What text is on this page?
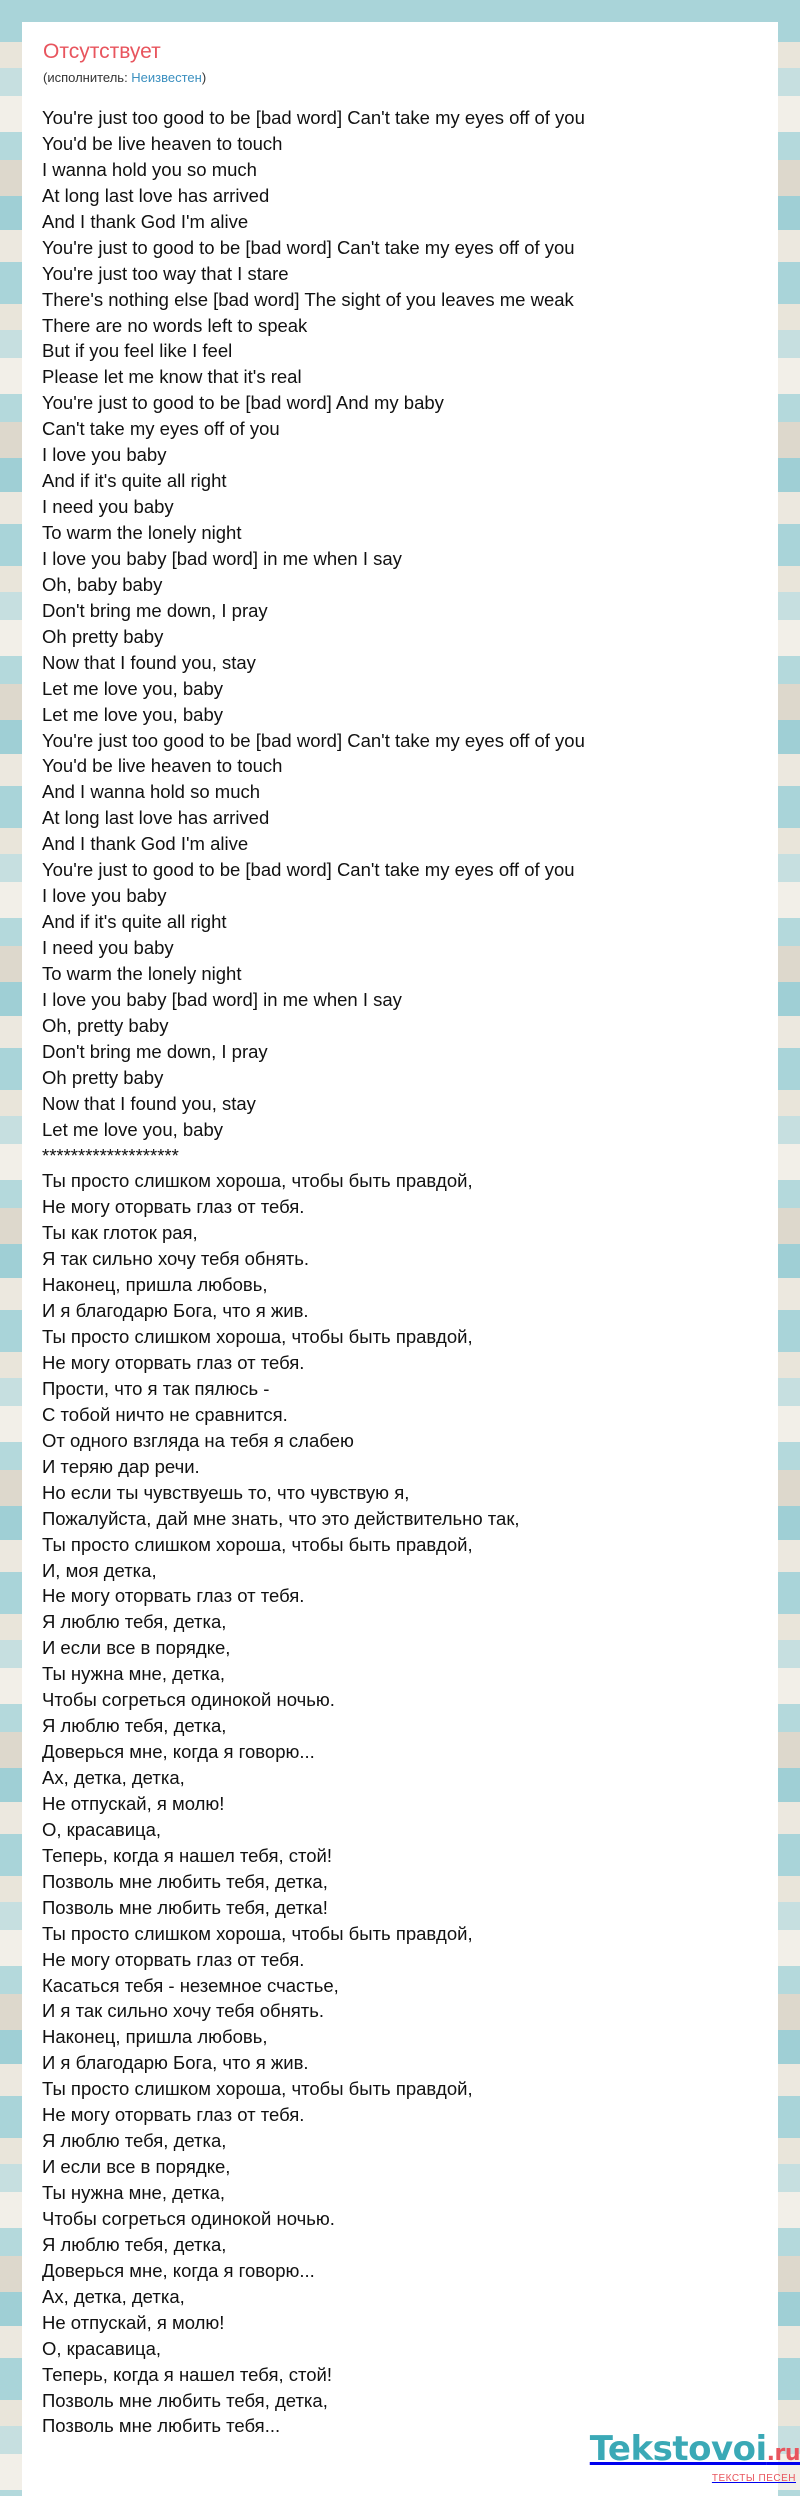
Отсутствует
(исполнитель: Неизвестен)
You're just too good to be [bad word] Can't take my eyes off of you
You'd be live heaven to touch
I wanna hold you so much
At long last love has arrived
And I thank God I'm alive
You're just to good to be [bad word] Can't take my eyes off of you
You're just too way that I stare
There's nothing else [bad word] The sight of you leaves me weak
There are no words left to speak
But if you feel like I feel
Please let me know that it's real
You're just to good to be [bad word] And my baby
Can't take my eyes off of you
I love you baby
And if it's quite all right
I need you baby
To warm the lonely night
I love you baby [bad word] in me when I say
Oh, baby baby
Don't bring me down, I pray
Oh pretty baby
Now that I found you, stay
Let me love you, baby
Let me love you, baby
You're just too good to be [bad word] Can't take my eyes off of you
You'd be live heaven to touch
And I wanna hold so much
At long last love has arrived
And I thank God I'm alive
You're just to good to be [bad word] Can't take my eyes off of you
I love you baby
And if it's quite all right
I need you baby
To warm the lonely night
I love you baby [bad word] in me when I say
Oh, pretty baby
Don't bring me down, I pray
Oh pretty baby
Now that I found you, stay
Let me love you, baby
*******************
Ты просто слишком хороша, чтобы быть правдой,
Не могу оторвать глаз от тебя.
Ты как глоток рая,
Я так сильно хочу тебя обнять.
Наконец, пришла любовь,
И я благодарю Бога, что я жив.
Ты просто слишком хороша, чтобы быть правдой,
Не могу оторвать глаз от тебя.
Прости, что я так пялюсь -
С тобой ничто не сравнится.
От одного взгляда на тебя я слабею
И теряю дар речи.
Но если ты чувствуешь то, что чувствую я,
Пожалуйста, дай мне знать, что это действительно так,
Ты просто слишком хороша, чтобы быть правдой,
И, моя детка,
Не могу оторвать глаз от тебя.
Я люблю тебя, детка,
И если все в порядке,
Ты нужна мне, детка,
Чтобы согреться одинокой ночью.
Я люблю тебя, детка,
Доверься мне, когда я говорю...
Ах, детка, детка,
Не отпускай, я молю!
О, красавица,
Теперь, когда я нашел тебя, стой!
Позволь мне любить тебя, детка,
Позволь мне любить тебя, детка!
Ты просто слишком хороша, чтобы быть правдой,
Не могу оторвать глаз от тебя.
Касаться тебя - неземное счастье,
И я так сильно хочу тебя обнять.
Наконец, пришла любовь,
И я благодарю Бога, что я жив.
Ты просто слишком хороша, чтобы быть правдой,
Не могу оторвать глаз от тебя.
Я люблю тебя, детка,
И если все в порядке,
Ты нужна мне, детка,
Чтобы согреться одинокой ночью.
Я люблю тебя, детка,
Доверься мне, когда я говорю...
Ах, детка, детка,
Не отпускай, я молю!
О, красавица,
Теперь, когда я нашел тебя, стой!
Позволь мне любить тебя, детка,
Позволь мне любить тебя...
Tekstovoi.ru
ТЕКСТЫ ПЕСЕН
